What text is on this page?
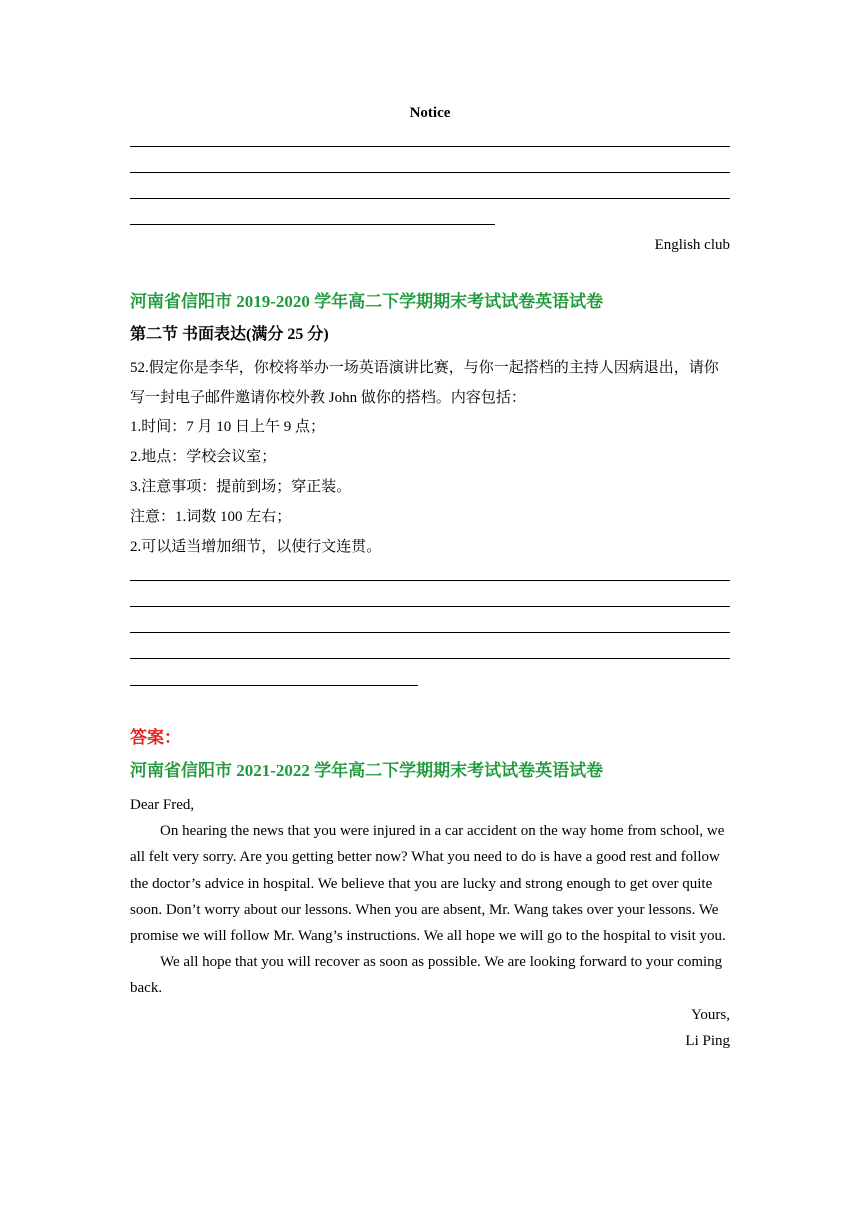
Notice
English club
河南省信阳市 2019-2020 学年高二下学期期末考试试卷英语试卷
第二节 书面表达(满分 25 分)
52.假定你是李华，你校将举办一场英语演讲比赛，与你一起搭档的主持人因病退出，请你
写一封电子邮件邀请你校外教 John 做你的搭档。内容包括：
1.时间：7 月 10 日上午 9 点；
2.地点：学校会议室；
3.注意事项：提前到场；穿正装。
注意：1.词数 100 左右；
2.可以适当增加细节，以使行文连贯。
答案：
河南省信阳市 2021-2022 学年高二下学期期末考试试卷英语试卷

Dear Fred,

On hearing the news that you were injured in a car accident on the way home from school, we all felt very sorry. Are you getting better now? What you need to do is have a good rest and follow the doctor’s advice in hospital. We believe that you are lucky and strong enough to get over quite soon. Don’t worry about our lessons. When you are absent, Mr. Wang takes over your lessons. We promise we will follow Mr. Wang’s instructions. We all hope we will go to the hospital to visit you.

We all hope that you will recover as soon as possible. We are looking forward to your coming back.

Yours,

Li Ping
